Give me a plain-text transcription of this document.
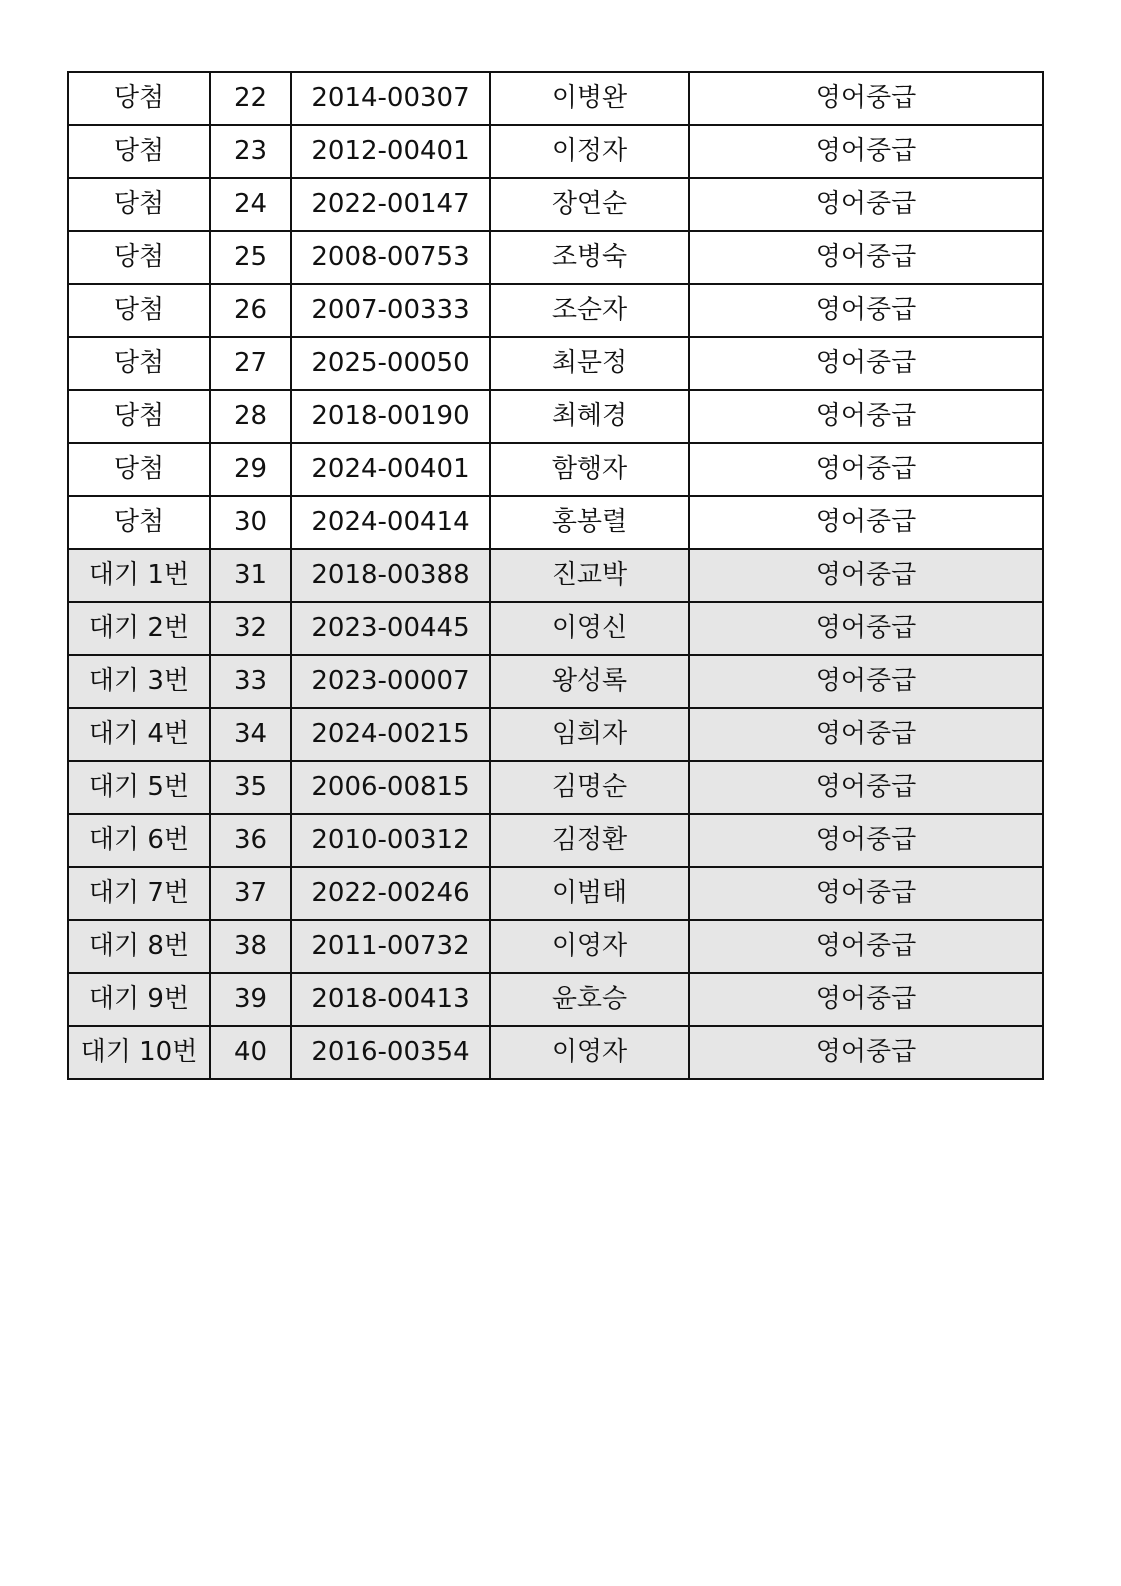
당첨	22	2014-00307	이병완	영어중급
당첨	23	2012-00401	이정자	영어중급
당첨	24	2022-00147	장연순	영어중급
당첨	25	2008-00753	조병숙	영어중급
당첨	26	2007-00333	조순자	영어중급
당첨	27	2025-00050	최문정	영어중급
당첨	28	2018-00190	최혜경	영어중급
당첨	29	2024-00401	함행자	영어중급
당첨	30	2024-00414	홍봉렬	영어중급
대기 1번	31	2018-00388	진교박	영어중급
대기 2번	32	2023-00445	이영신	영어중급
대기 3번	33	2023-00007	왕성록	영어중급
대기 4번	34	2024-00215	임희자	영어중급
대기 5번	35	2006-00815	김명순	영어중급
대기 6번	36	2010-00312	김정환	영어중급
대기 7번	37	2022-00246	이범태	영어중급
대기 8번	38	2011-00732	이영자	영어중급
대기 9번	39	2018-00413	윤호승	영어중급
대기 10번	40	2016-00354	이영자	영어중급
